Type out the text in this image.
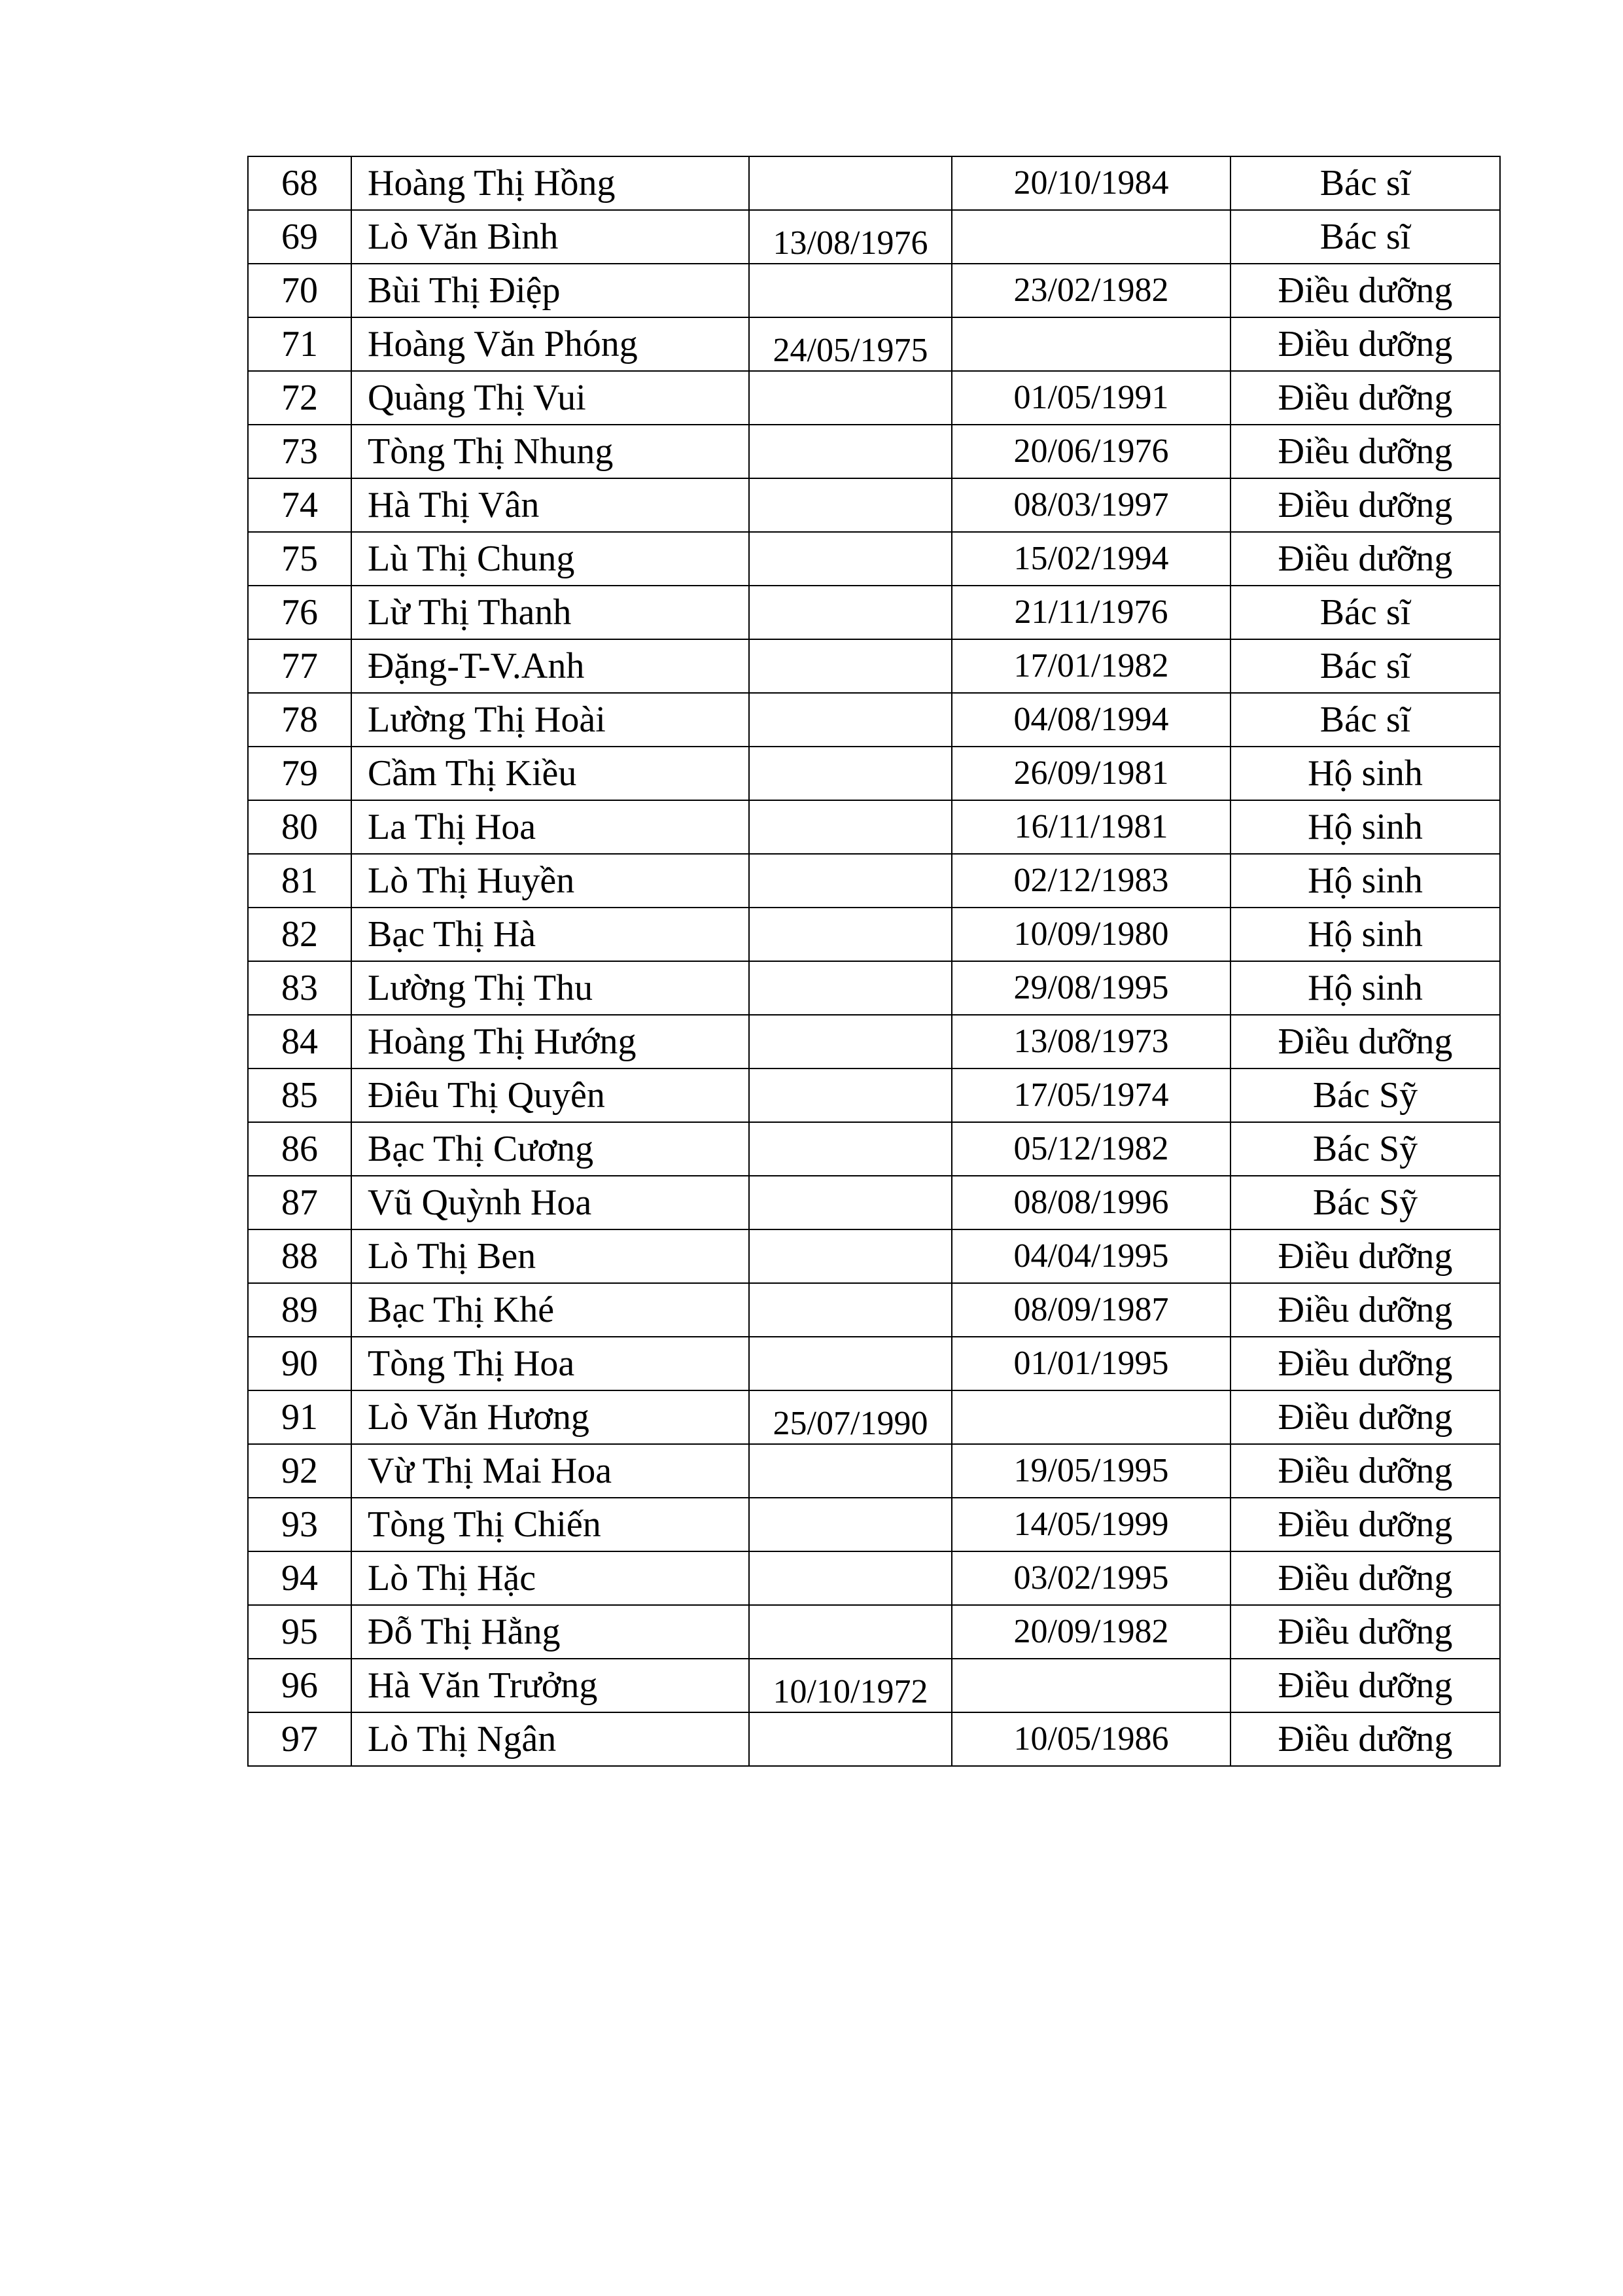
68	Hoàng Thị Hồng		20/10/1984	Bác sĩ
69	Lò Văn Bình	13/08/1976		Bác sĩ
70	Bùi Thị Điệp		23/02/1982	Điều dưỡng
71	Hoàng Văn Phóng	24/05/1975		Điều dưỡng
72	Quàng Thị Vui		01/05/1991	Điều dưỡng
73	Tòng Thị Nhung		20/06/1976	Điều dưỡng
74	Hà Thị Vân		08/03/1997	Điều dưỡng
75	Lù Thị Chung		15/02/1994	Điều dưỡng
76	Lừ Thị Thanh		21/11/1976	Bác sĩ
77	Đặng-T-V.Anh		17/01/1982	Bác sĩ
78	Lường Thị Hoài		04/08/1994	Bác sĩ
79	Cầm Thị Kiều		26/09/1981	Hộ sinh
80	La Thị Hoa		16/11/1981	Hộ sinh
81	Lò Thị Huyền		02/12/1983	Hộ sinh
82	Bạc Thị Hà		10/09/1980	Hộ sinh
83	Lường Thị Thu		29/08/1995	Hộ sinh
84	Hoàng Thị Hướng		13/08/1973	Điều dưỡng
85	Điêu Thị Quyên		17/05/1974	Bác Sỹ
86	Bạc Thị Cương		05/12/1982	Bác Sỹ
87	Vũ Quỳnh Hoa		08/08/1996	Bác Sỹ
88	Lò Thị Ben		04/04/1995	Điều dưỡng
89	Bạc Thị Khé		08/09/1987	Điều dưỡng
90	Tòng Thị Hoa		01/01/1995	Điều dưỡng
91	Lò Văn Hương	25/07/1990		Điều dưỡng
92	Vừ Thị Mai Hoa		19/05/1995	Điều dưỡng
93	Tòng Thị Chiến		14/05/1999	Điều dưỡng
94	Lò Thị Hặc		03/02/1995	Điều dưỡng
95	Đỗ Thị Hằng		20/09/1982	Điều dưỡng
96	Hà Văn Trưởng	10/10/1972		Điều dưỡng
97	Lò Thị Ngân		10/05/1986	Điều dưỡng
